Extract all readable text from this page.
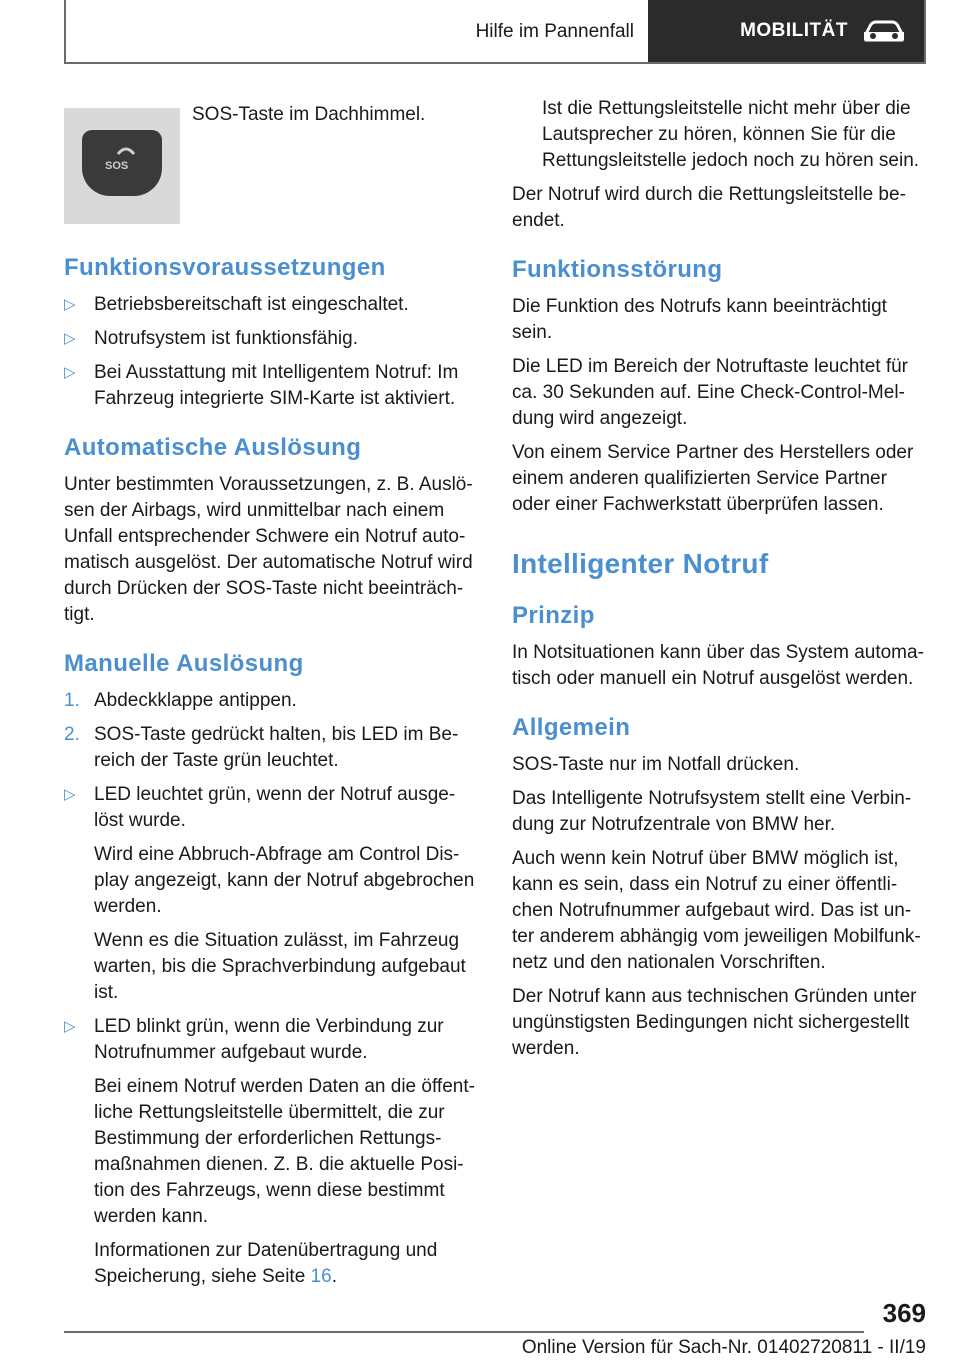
Hilfe im Pannenfall	MOBILITÄT
SOS
SOS-Taste im Dachhimmel.
Funktionsvoraussetzungen
▷ Betriebsbereitschaft ist eingeschaltet.
▷ Notrufsystem ist funktionsfähig.
▷ Bei Ausstattung mit Intelligentem Notruf: Im Fahrzeug integrierte SIM-Karte ist aktiviert.
Automatische Auslösung

Unter bestimmten Voraussetzungen, z. B. Auslö-sen der Airbags, wird unmittelbar nach einem Unfall entsprechender Schwere ein Notruf auto-matisch ausgelöst. Der automatische Notruf wird durch Drücken der SOS-Taste nicht beeinträch-tigt.

Manuelle Auslösung
1. Abdeckklappe antippen.
2. SOS-Taste gedrückt halten, bis LED im Be-reich der Taste grün leuchtet.
▷ LED leuchtet grün, wenn der Notruf ausge-löst wurde.
Wird eine Abbruch-Abfrage am Control Dis-play angezeigt, kann der Notruf abgebrochen werden.
Wenn es die Situation zulässt, im Fahrzeug warten, bis die Sprachverbindung aufgebaut ist.
▷ LED blinkt grün, wenn die Verbindung zur Notrufnummer aufgebaut wurde.
Bei einem Notruf werden Daten an die öffent-liche Rettungsleitstelle übermittelt, die zur Bestimmung der erforderlichen Rettungs-maßnahmen dienen. Z. B. die aktuelle Posi-tion des Fahrzeugs, wenn diese bestimmt werden kann.
Informationen zur Datenübertragung und Speicherung, siehe Seite 16.

Ist die Rettungsleitstelle nicht mehr über die Lautsprecher zu hören, können Sie für die Rettungsleitstelle jedoch noch zu hören sein.

Der Notruf wird durch die Rettungsleitstelle be-endet.

Funktionsstörung

Die Funktion des Notrufs kann beeinträchtigt sein.

Die LED im Bereich der Notruftaste leuchtet für ca. 30 Sekunden auf. Eine Check-Control-Mel-dung wird angezeigt.

Von einem Service Partner des Herstellers oder einem anderen qualifizierten Service Partner oder einer Fachwerkstatt überprüfen lassen.

Intelligenter Notruf
Prinzip

In Notsituationen kann über das System automa-tisch oder manuell ein Notruf ausgelöst werden.

Allgemein

SOS-Taste nur im Notfall drücken.

Das Intelligente Notrufsystem stellt eine Verbin-dung zur Notrufzentrale von BMW her.

Auch wenn kein Notruf über BMW möglich ist, kann es sein, dass ein Notruf zu einer öffentli-chen Notrufnummer aufgebaut wird. Das ist un-ter anderem abhängig vom jeweiligen Mobilfunk-netz und den nationalen Vorschriften.

Der Notruf kann aus technischen Gründen unter ungünstigsten Bedingungen nicht sichergestellt werden.

369
Online Version für Sach-Nr. 01402720811 - II/19
